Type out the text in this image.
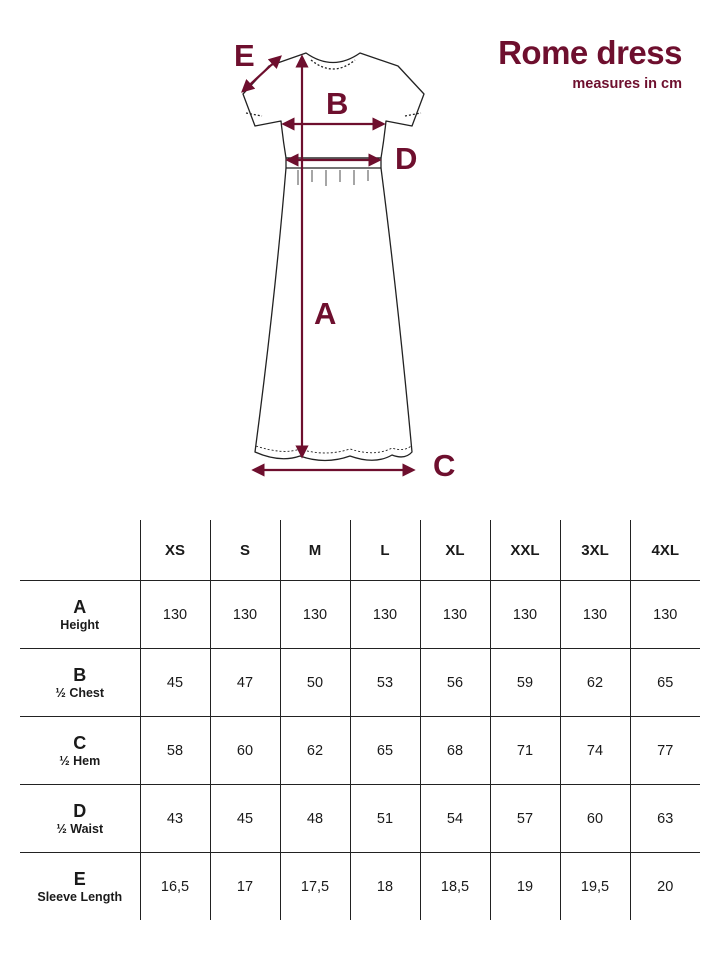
Rome dress
measures in cm
E
B
D
A
C
	XS	S	M	L	XL	XXL	3XL	4XL

A
Height	130	130	130	130	130	130	130	130

B
½ Chest	45	47	50	53	56	59	62	65

C
½ Hem	58	60	62	65	68	71	74	77

D
½ Waist	43	45	48	51	54	57	60	63

E
Sleeve Length	16,5	17	17,5	18	18,5	19	19,5	20
